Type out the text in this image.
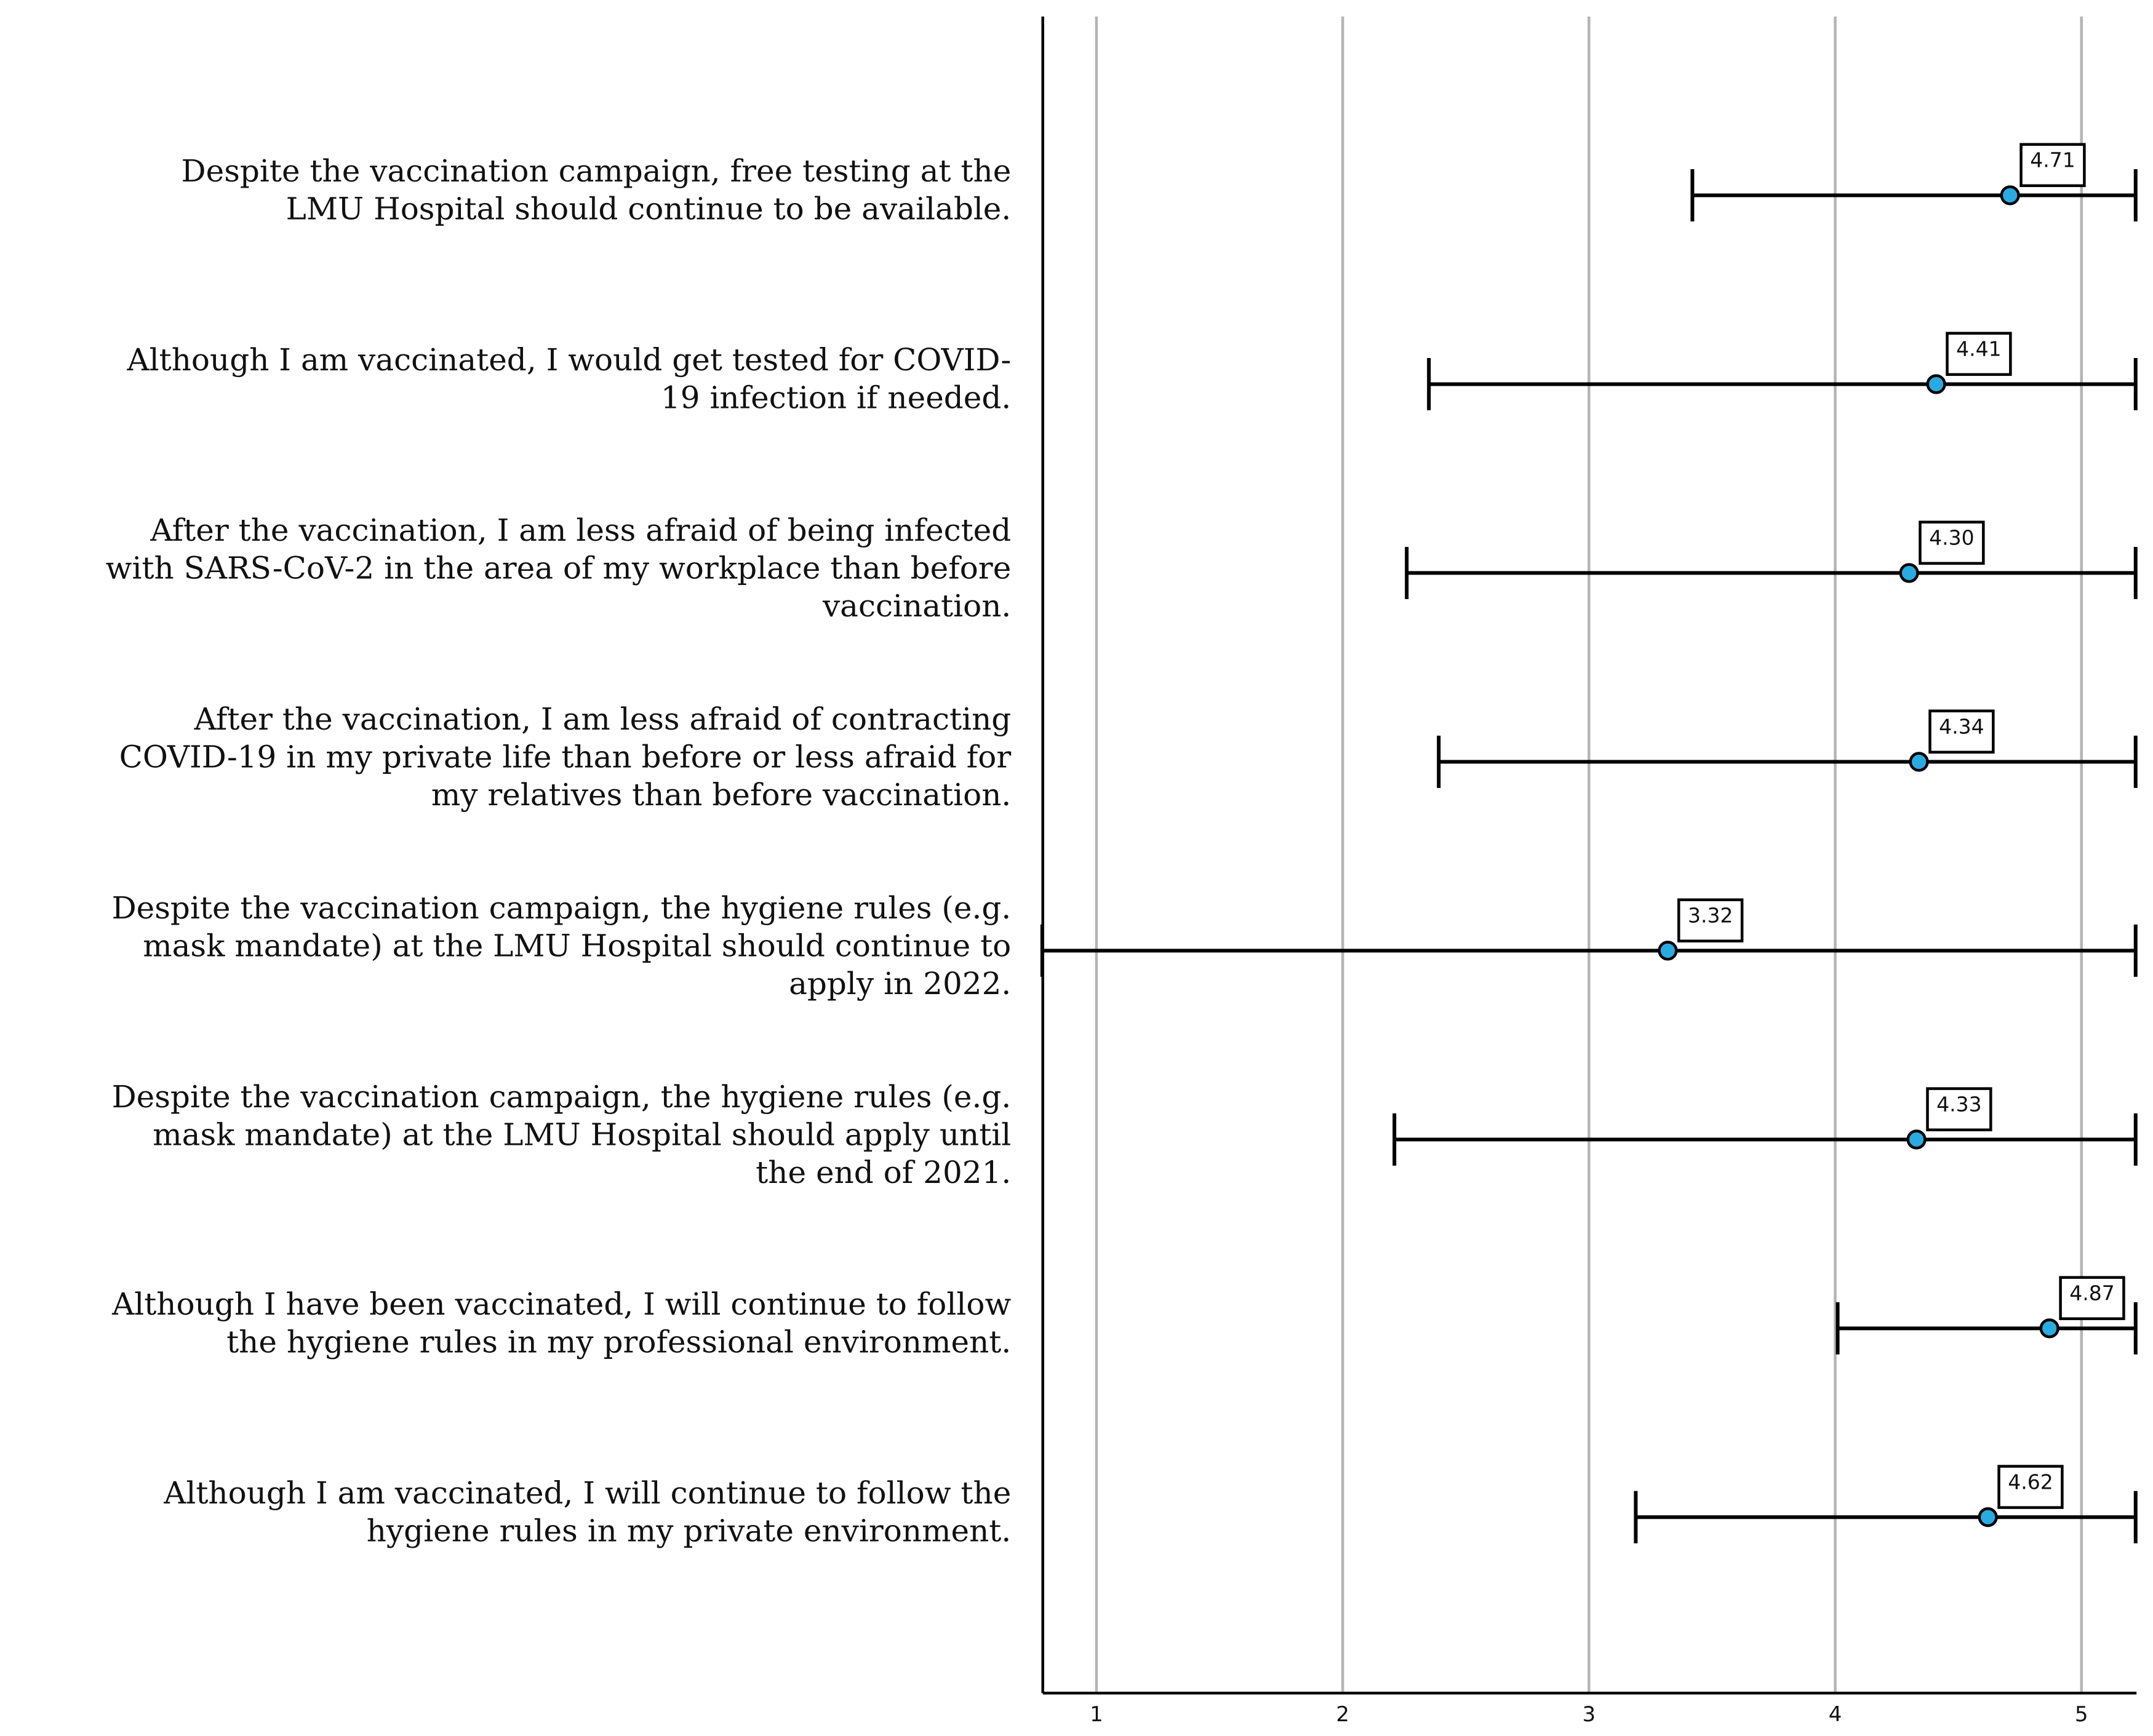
1	2	3	4	5
Despite the vaccination campaign, free testing at the
LMU Hospital should continue to be available.
Although I am vaccinated, I would get tested for COVID-
19 infection if needed.
After the vaccination, I am less afraid of being infected
with SARS-CoV-2 in the area of my workplace than before
vaccination.
After the vaccination, I am less afraid of contracting
COVID-19 in my private life than before or less afraid for
my relatives than before vaccination.
Despite the vaccination campaign, the hygiene rules (e.g.
mask mandate) at the LMU Hospital should continue to
apply in 2022.
Despite the vaccination campaign, the hygiene rules (e.g.
mask mandate) at the LMU Hospital should apply until
the end of 2021.
Although I have been vaccinated, I will continue to follow
the hygiene rules in my professional environment.
Although I am vaccinated, I will continue to follow the
hygiene rules in my private environment.
4.71
4.41
4.30
4.34
3.32
4.33
4.87
4.62
